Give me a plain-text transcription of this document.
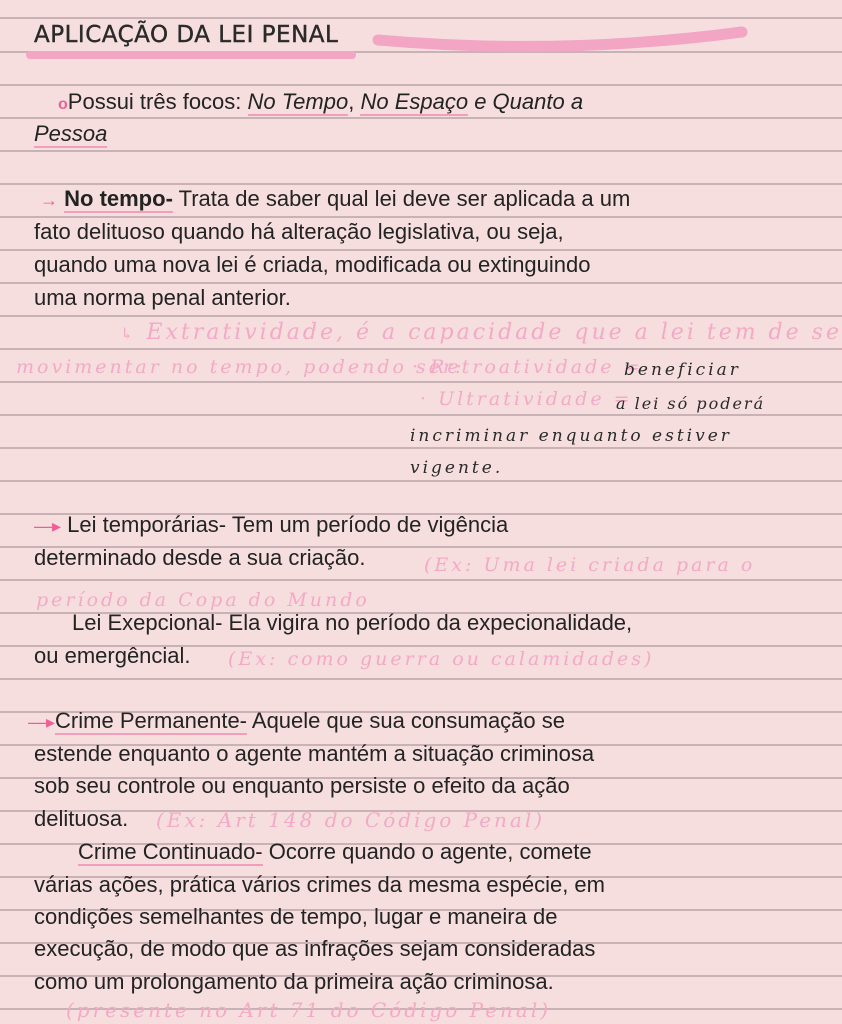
APLICAÇÃO DA LEI PENAL
oPossui três focos: No Tempo, No Espaço e Quanto a
Pessoa
→ No tempo- Trata de saber qual lei deve ser aplicada a um
fato delituoso quando há alteração legislativa, ou seja,
quando uma nova lei é criada, modificada ou extinguindo
uma norma penal anterior.
↳ Extratividade, é a capacidade que a lei tem de se
movimentar no tempo, podendo ser:
· Retroatividade =
beneficiar
· Ultratividade =
a lei só poderá
incriminar enquanto estiver
vigente.
—▸ Lei temporárias- Tem um período de vigência
determinado desde a sua criação.	(Ex: Uma lei criada para o
período da Copa do Mundo
Lei Exepcional- Ela vigira no período da expecionalidade,
ou emergêncial. (Ex: como guerra ou calamidades)
—▸Crime Permanente- Aquele que sua consumação se
estende enquanto o agente mantém a situação criminosa
sob seu controle ou enquanto persiste o efeito da ação
delituosa. (Ex: Art 148 do Código Penal)
Crime Continuado- Ocorre quando o agente, comete
várias ações, prática vários crimes da mesma espécie, em
condições semelhantes de tempo, lugar e maneira de
execução, de modo que as infrações sejam consideradas
como um prolongamento da primeira ação criminosa.
(presente no Art 71 do Código Penal)
